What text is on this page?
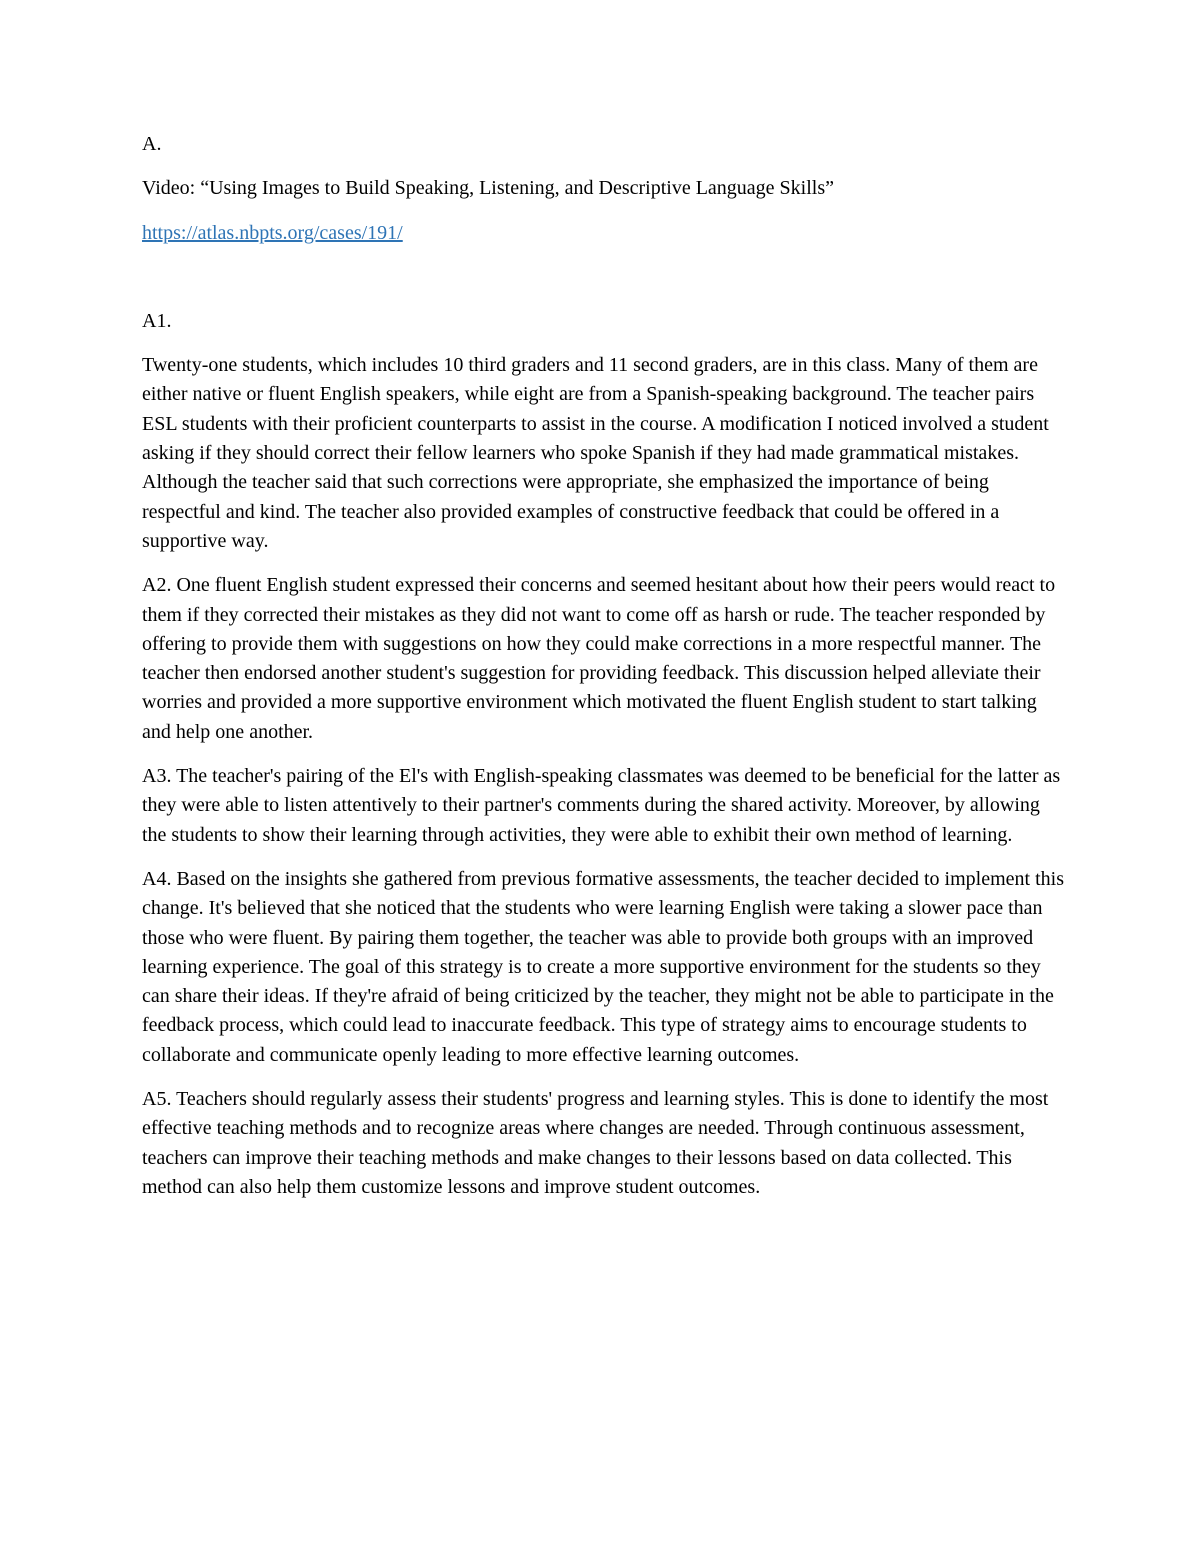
A.

Video: “Using Images to Build Speaking, Listening, and Descriptive Language Skills”

https://atlas.nbpts.org/cases/191/

A1.

Twenty-one students, which includes 10 third graders and 11 second graders, are in this class. Many of them are either native or fluent English speakers, while eight are from a Spanish-speaking background. The teacher pairs ESL students with their proficient counterparts to assist in the course. A modification I noticed involved a student asking if they should correct their fellow learners who spoke Spanish if they had made grammatical mistakes. Although the teacher said that such corrections were appropriate, she emphasized the importance of being respectful and kind. The teacher also provided examples of constructive feedback that could be offered in a supportive way.

A2. One fluent English student expressed their concerns and seemed hesitant about how their peers would react to them if they corrected their mistakes as they did not want to come off as harsh or rude. The teacher responded by offering to provide them with suggestions on how they could make corrections in a more respectful manner. The teacher then endorsed another student's suggestion for providing feedback. This discussion helped alleviate their worries and provided a more supportive environment which motivated the fluent English student to start talking and help one another.

A3. The teacher's pairing of the El's with English-speaking classmates was deemed to be beneficial for the latter as they were able to listen attentively to their partner's comments during the shared activity. Moreover, by allowing the students to show their learning through activities, they were able to exhibit their own method of learning.

A4. Based on the insights she gathered from previous formative assessments, the teacher decided to implement this change. It's believed that she noticed that the students who were learning English were taking a slower pace than those who were fluent. By pairing them together, the teacher was able to provide both groups with an improved learning experience. The goal of this strategy is to create a more supportive environment for the students so they can share their ideas. If they're afraid of being criticized by the teacher, they might not be able to participate in the feedback process, which could lead to inaccurate feedback. This type of strategy aims to encourage students to collaborate and communicate openly leading to more effective learning outcomes.

A5. Teachers should regularly assess their students' progress and learning styles. This is done to identify the most effective teaching methods and to recognize areas where changes are needed. Through continuous assessment, teachers can improve their teaching methods and make changes to their lessons based on data collected. This method can also help them customize lessons and improve student outcomes.
